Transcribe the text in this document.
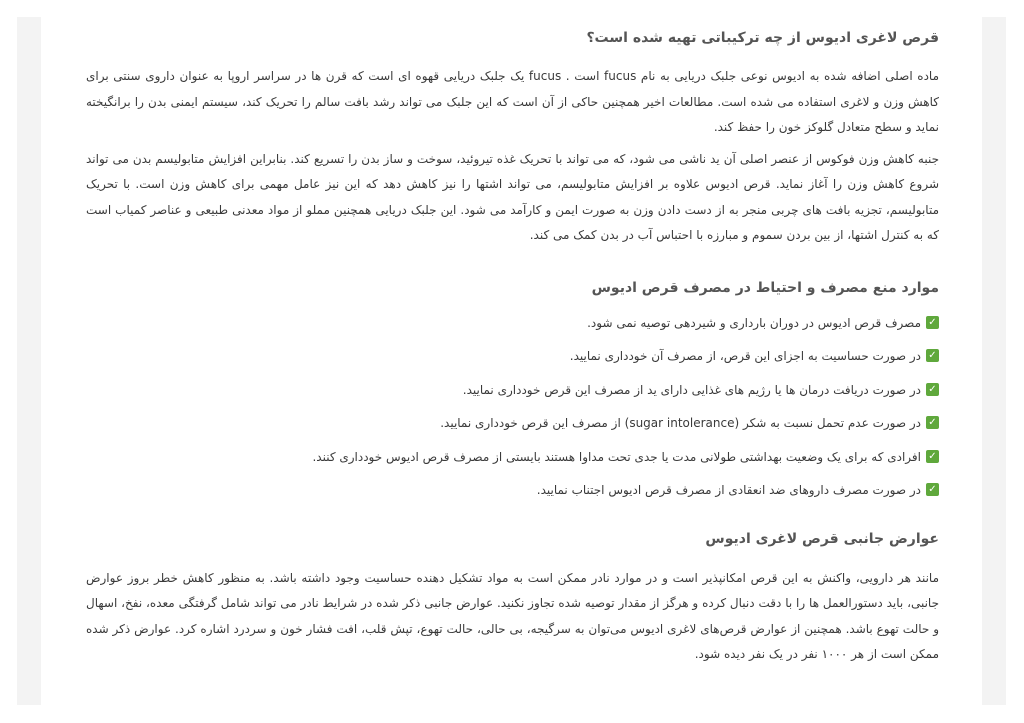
قرص لاغری ادیوس از چه ترکیباتی تهیه شده است؟

ماده اصلی اضافه شده به ادیوس نوعی جلبک دریایی به نام fucus است . fucus یک جلبک دریایی قهوه ای است که قرن ها در سراسر اروپا به عنوان داروی سنتی برای کاهش وزن و لاغری استفاده می شده است. مطالعات اخیر همچنین حاکی از آن است که این جلبک می تواند رشد بافت سالم را تحریک کند، سیستم ایمنی بدن را برانگیخته نماید و سطح متعادل گلوکز خون را حفظ کند.

جنبه کاهش وزن فوکوس از عنصر اصلی آن ید ناشی می شود، که می تواند با تحریک غذه تیروئید، سوخت و ساز بدن را تسریع کند. بنابراین افزایش متابولیسم بدن می تواند شروع کاهش وزن را آغاز نماید. قرص ادیوس علاوه بر افزایش متابولیسم، می تواند اشتها را نیز کاهش دهد که این نیز عامل مهمی برای کاهش وزن است. با تحریک متابولیسم، تجزیه بافت های چربی منجر به از دست دادن وزن به صورت ایمن و کارآمد می شود. این جلبک دریایی همچنین مملو از مواد معدنی طبیعی و عناصر کمیاب است که به کنترل اشتها، از بین بردن سموم و مبارزه با احتباس آب در بدن کمک می کند.

موارد منع مصرف و احتیاط در مصرف قرص ادیوس
✓
مصرف قرص ادیوس در دوران بارداری و شیردهی توصیه نمی شود.
✓
در صورت حساسیت به اجزای این قرص، از مصرف آن خودداری نمایید.
✓
در صورت دریافت درمان ها یا رژیم های غذایی دارای ید از مصرف این قرص خودداری نمایید.
✓
در صورت عدم تحمل نسبت به شکر (sugar intolerance) از مصرف این قرص خودداری نمایید.
✓
افرادی که برای یک وضعیت بهداشتی طولانی مدت یا جدی تحت مداوا هستند بایستی از مصرف قرص ادیوس خودداری کنند.
✓
در صورت مصرف داروهای ضد انعقادی از مصرف قرص ادیوس اجتناب نمایید.
عوارض جانبی قرص لاغری ادیوس

مانند هر دارویی، واکنش به این قرص امکانپذیر است و در موارد نادر ممکن است به مواد تشکیل دهنده حساسیت وجود داشته باشد. به منظور کاهش خطر بروز عوارض جانبی، باید دستورالعمل ها را با دقت دنبال کرده و هرگز از مقدار توصیه شده تجاوز نکنید. عوارض جانبی ذکر شده در شرایط نادر می تواند شامل گرفتگی معده، نفخ، اسهال و حالت تهوع باشد. همچنین از عوارض قرص‌های لاغری ادیوس می‌توان به سرگیجه، بی حالی، حالت تهوع، تپش قلب، افت فشار خون و سردرد اشاره کرد. عوارض ذکر شده ممکن است از هر ۱۰۰۰ نفر در یک نفر دیده شود.
